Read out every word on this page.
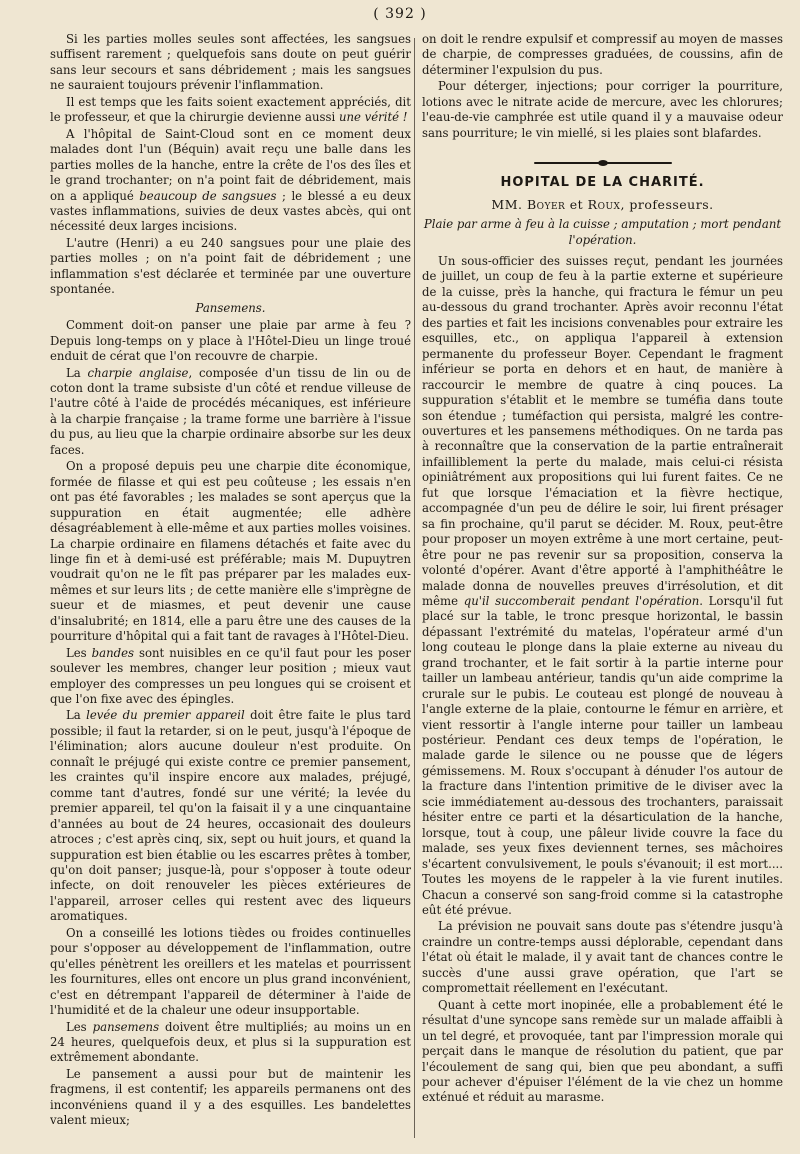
( 392 )

Si les parties molles seules sont affectées, les sangsues suffisent rarement ; quelquefois sans doute on peut guérir sans leur secours et sans débridement ; mais les sangsues ne sauraient toujours prévenir l'inflammation.

Il est temps que les faits soient exactement appréciés, dit le professeur, et que la chirurgie devienne aussi une vérité !

A l'hôpital de Saint-Cloud sont en ce moment deux malades dont l'un (Béquin) avait reçu une balle dans les parties molles de la hanche, entre la crête de l'os des îles et le grand trochanter; on n'a point fait de débridement, mais on a appliqué beaucoup de sangsues ; le blessé a eu deux vastes inflammations, suivies de deux vastes abcès, qui ont nécessité deux larges incisions.

L'autre (Henri) a eu 240 sangsues pour une plaie des parties molles ; on n'a point fait de débridement ; une inflammation s'est déclarée et terminée par une ouverture spontanée.

Pansemens.

Comment doit-on panser une plaie par arme à feu ? Depuis long-temps on y place à l'Hôtel-Dieu un linge troué enduit de cérat que l'on recouvre de charpie.

La charpie anglaise, composée d'un tissu de lin ou de coton dont la trame subsiste d'un côté et rendue villeuse de l'autre côté à l'aide de procédés mécaniques, est inférieure à la charpie française ; la trame forme une barrière à l'issue du pus, au lieu que la charpie ordinaire absorbe sur les deux faces.

On a proposé depuis peu une charpie dite économique, formée de filasse et qui est peu coûteuse ; les essais n'en ont pas été favorables ; les malades se sont aperçus que la suppuration en était augmentée; elle adhère désagréablement à elle-même et aux parties molles voisines. La charpie ordinaire en filamens détachés et faite avec du linge fin et à demi-usé est préférable; mais M. Dupuytren voudrait qu'on ne le fît pas préparer par les malades eux-mêmes et sur leurs lits ; de cette manière elle s'imprègne de sueur et de miasmes, et peut devenir une cause d'insalubrité; en 1814, elle a paru être une des causes de la pourriture d'hôpital qui a fait tant de ravages à l'Hôtel-Dieu.

Les bandes sont nuisibles en ce qu'il faut pour les poser soulever les membres, changer leur position ; mieux vaut employer des compresses un peu longues qui se croisent et que l'on fixe avec des épingles.

La levée du premier appareil doit être faite le plus tard possible; il faut la retarder, si on le peut, jusqu'à l'époque de l'élimination; alors aucune douleur n'est produite. On connaît le préjugé qui existe contre ce premier pansement, les craintes qu'il inspire encore aux malades, préjugé, comme tant d'autres, fondé sur une vérité; la levée du premier appareil, tel qu'on la faisait il y a une cinquantaine d'années au bout de 24 heures, occasionait des douleurs atroces ; c'est après cinq, six, sept ou huit jours, et quand la suppuration est bien établie ou les escarres prêtes à tomber, qu'on doit panser; jusque-là, pour s'opposer à toute odeur infecte, on doit renouveler les pièces extérieures de l'appareil, arroser celles qui restent avec des liqueurs aromatiques.

On a conseillé les lotions tièdes ou froides continuelles pour s'opposer au développement de l'inflammation, outre qu'elles pénètrent les oreillers et les matelas et pourrissent les fournitures, elles ont encore un plus grand inconvénient, c'est en détrempant l'appareil de déterminer à l'aide de l'humidité et de la chaleur une odeur insupportable.

Les pansemens doivent être multipliés; au moins un en 24 heures, quelquefois deux, et plus si la suppuration est extrêmement abondante.

Le pansement a aussi pour but de maintenir les fragmens, il est contentif; les appareils permanens ont des inconvéniens quand il y a des esquilles. Les bandelettes valent mieux;

on doit le rendre expulsif et compressif au moyen de masses de charpie, de compresses graduées, de coussins, afin de déterminer l'expulsion du pus.

Pour déterger, injections; pour corriger la pourriture, lotions avec le nitrate acide de mercure, avec les chlorures; l'eau-de-vie camphrée est utile quand il y a mauvaise odeur sans pourriture; le vin miellé, si les plaies sont blafardes.

HOPITAL DE LA CHARITÉ.

MM. Boyer et Roux, professeurs.

Plaie par arme à feu à la cuisse ; amputation ; mort pendant l'opération.

Un sous-officier des suisses reçut, pendant les journées de juillet, un coup de feu à la partie externe et supérieure de la cuisse, près la hanche, qui fractura le fémur un peu au-dessous du grand trochanter. Après avoir reconnu l'état des parties et fait les incisions convenables pour extraire les esquilles, etc., on appliqua l'appareil à extension permanente du professeur Boyer. Cependant le fragment inférieur se porta en dehors et en haut, de manière à raccourcir le membre de quatre à cinq pouces. La suppuration s'établit et le membre se tuméfia dans toute son étendue ; tuméfaction qui persista, malgré les contre-ouvertures et les pansemens méthodiques. On ne tarda pas à reconnaître que la conservation de la partie entraînerait infailliblement la perte du malade, mais celui-ci résista opiniâtrément aux propositions qui lui furent faites. Ce ne fut que lorsque l'émaciation et la fièvre hectique, accompagnée d'un peu de délire le soir, lui firent présager sa fin prochaine, qu'il parut se décider. M. Roux, peut-être pour proposer un moyen extrême à une mort certaine, peut-être pour ne pas revenir sur sa proposition, conserva la volonté d'opérer. Avant d'être apporté à l'amphithéâtre le malade donna de nouvelles preuves d'irrésolution, et dit même qu'il succomberait pendant l'opération. Lorsqu'il fut placé sur la table, le tronc presque horizontal, le bassin dépassant l'extrémité du matelas, l'opérateur armé d'un long couteau le plonge dans la plaie externe au niveau du grand trochanter, et le fait sortir à la partie interne pour tailler un lambeau antérieur, tandis qu'un aide comprime la crurale sur le pubis. Le couteau est plongé de nouveau à l'angle externe de la plaie, contourne le fémur en arrière, et vient ressortir à l'angle interne pour tailler un lambeau postérieur. Pendant ces deux temps de l'opération, le malade garde le silence ou ne pousse que de légers gémissemens. M. Roux s'occupant à dénuder l'os autour de la fracture dans l'intention primitive de le diviser avec la scie immédiatement au-dessous des trochanters, paraissait hésiter entre ce parti et la désarticulation de la hanche, lorsque, tout à coup, une pâleur livide couvre la face du malade, ses yeux fixes deviennent ternes, ses mâchoires s'écartent convulsivement, le pouls s'évanouit; il est mort.... Toutes les moyens de le rappeler à la vie furent inutiles. Chacun a conservé son sang-froid comme si la catastrophe eût été prévue.

La prévision ne pouvait sans doute pas s'étendre jusqu'à craindre un contre-temps aussi déplorable, cependant dans l'état où était le malade, il y avait tant de chances contre le succès d'une aussi grave opération, que l'art se compromettait réellement en l'exécutant.

Quant à cette mort inopinée, elle a probablement été le résultat d'une syncope sans remède sur un malade affaibli à un tel degré, et provoquée, tant par l'impression morale qui perçait dans le manque de résolution du patient, que par l'écoulement de sang qui, bien que peu abondant, a suffi pour achever d'épuiser l'élément de la vie chez un homme exténué et réduit au marasme.
